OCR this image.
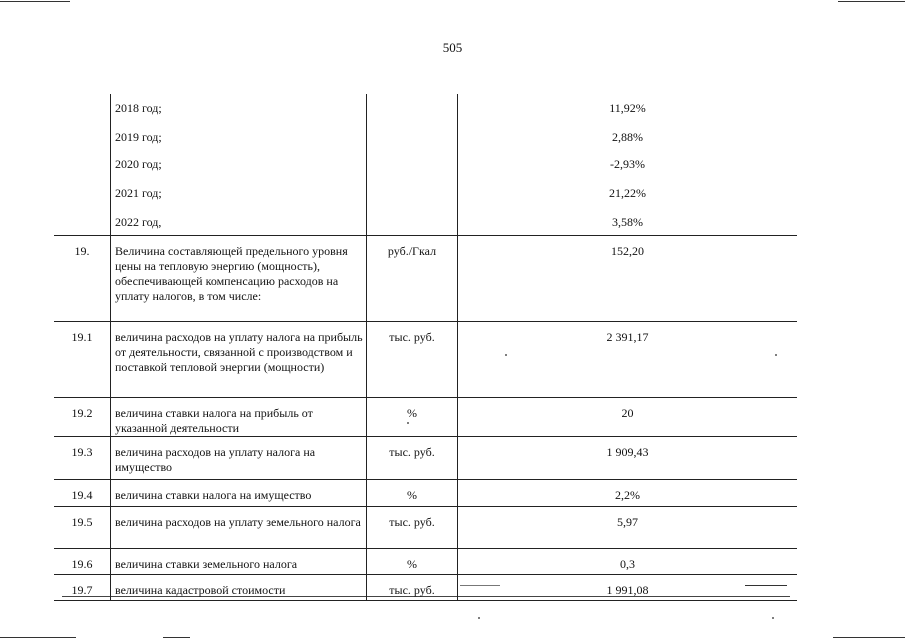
505

	2018 год;		11,92%

	2019 год;		2,88%

	2020 год;		-2,93%

	2021 год;		21,22%

	2022 год,		3,58%

19.	Величина составляющей предельного уровня цены на тепловую энергию (мощность), обеспечивающей компенсацию расходов на уплату налогов, в том числе:	руб./Гкал	152,20

19.1	величина расходов на уплату налога на прибыль от деятельности, связанной с производством и поставкой тепловой энергии (мощности)	тыс. руб.	2 391,17

19.2	величина ставки налога на прибыль от указанной деятельности	%	20

19.3	величина расходов на уплату налога на имущество	тыс. руб.	1 909,43

19.4	величина ставки налога на имущество	%	2,2%

19.5	величина расходов на уплату земельного налога	тыс. руб.	5,97

19.6	величина ставки земельного налога	%	0,3

19.7	величина кадастровой стоимости	тыс. руб.	1 991,08
